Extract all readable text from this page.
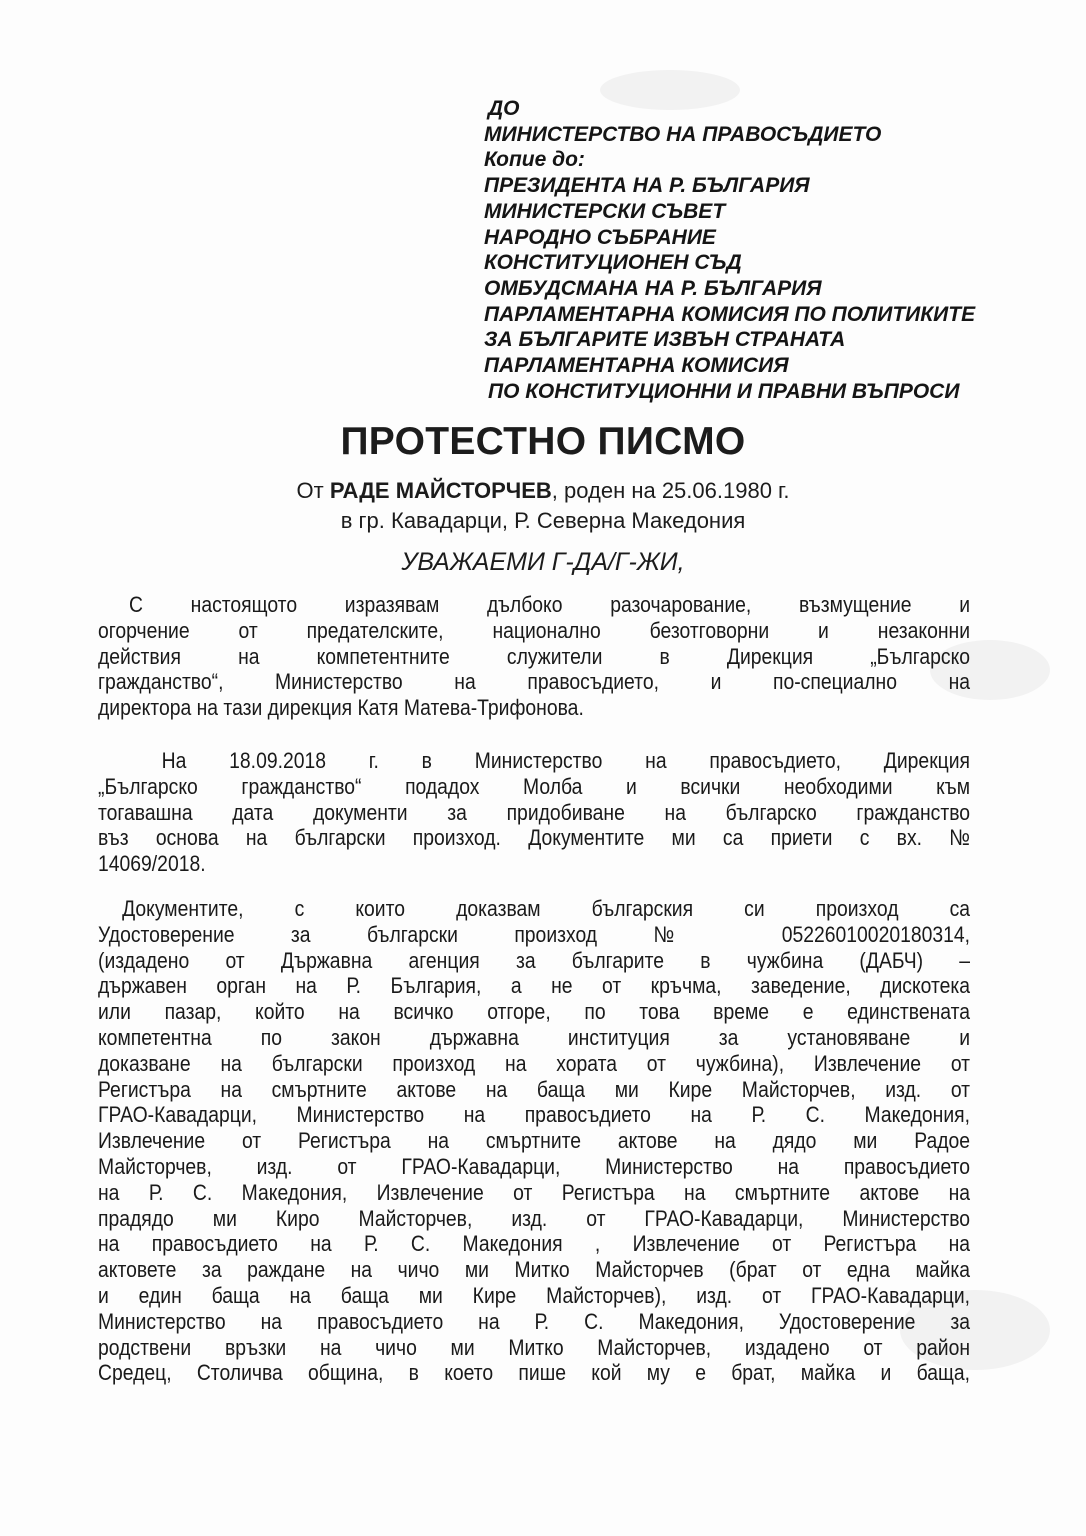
ДО
МИНИСТЕРСТВО НА ПРАВОСЪДИЕТО
Копие до:
ПРЕЗИДЕНТА НА Р. БЪЛГАРИЯ
МИНИСТЕРСКИ СЪВЕТ
НАРОДНО СЪБРАНИЕ
КОНСТИТУЦИОНЕН СЪД
ОМБУДСМАНА НА Р. БЪЛГАРИЯ
ПАРЛАМЕНТАРНА КОМИСИЯ ПО ПОЛИТИКИТЕ
ЗА БЪЛГАРИТЕ ИЗВЪН СТРАНАТА
ПАРЛАМЕНТАРНА КОМИСИЯ
ПО КОНСТИТУЦИОННИ И ПРАВНИ ВЪПРОСИ
ПРОТЕСТНО ПИСМО
От РАДЕ МАЙСТОРЧЕВ, роден на 25.06.1980 г.
в гр. Кавадарци, Р. Северна Македония
УВАЖАЕМИ Г-ДА/Г-ЖИ,
С настоящото изразявам дълбоко разочарование, възмущение и
огорчение от предателските, национално безотговорни и незаконни
действия на компетентните служители в Дирекция „Българско
гражданство“, Министерство на правосъдието, и по-специално на
директора на тази дирекция Катя Матева-Трифонова.
На 18.09.2018 г. в Министерство на правосъдието, Дирекция
„Българско гражданство“ подадох Молба и всички необходими към
тогавашна дата документи за придобиване на българско гражданство
въз основа на български произход. Документите ми са приети с вх. №
14069/2018.
Документите, с които доказвам българския си произход са
Удостоверение за български произход № 05226010020180314,
(издадено от Държавна агенция за българите в чужбина (ДАБЧ) –
държавен орган на Р. България, а не от кръчма, заведение, дискотека
или пазар, който на всичко отгоре, по това време е единствената
компетентна по закон държавна институция за установяване и
доказване на български произход на хората от чужбина), Извлечение от
Регистъра на смъртните актове на баща ми Кире Майсторчев, изд. от
ГРАО-Кавадарци, Министерство на правосъдието на Р. С. Македония,
Извлечение от Регистъра на смъртните актове на дядо ми Радое
Майсторчев, изд. от ГРАО-Кавадарци, Министерство на правосъдието
на Р. С. Македония, Извлечение от Регистъра на смъртните актове на
прадядо ми Киро Майсторчев, изд. от ГРАО-Кавадарци, Министерство
на правосъдието на Р. С. Македония , Извлечение от Регистъра на
актовете за раждане на чичо ми Митко Майсторчев (брат от една майка
и един баща на баща ми Кире Майсторчев), изд. от ГРАО-Кавадарци,
Министерство на правосъдието на Р. С. Македония, Удостоверение за
родствени връзки на чичо ми Митко Майсторчев, издадено от район
Средец, Столичва община, в което пише кой му е брат, майка и баща,
